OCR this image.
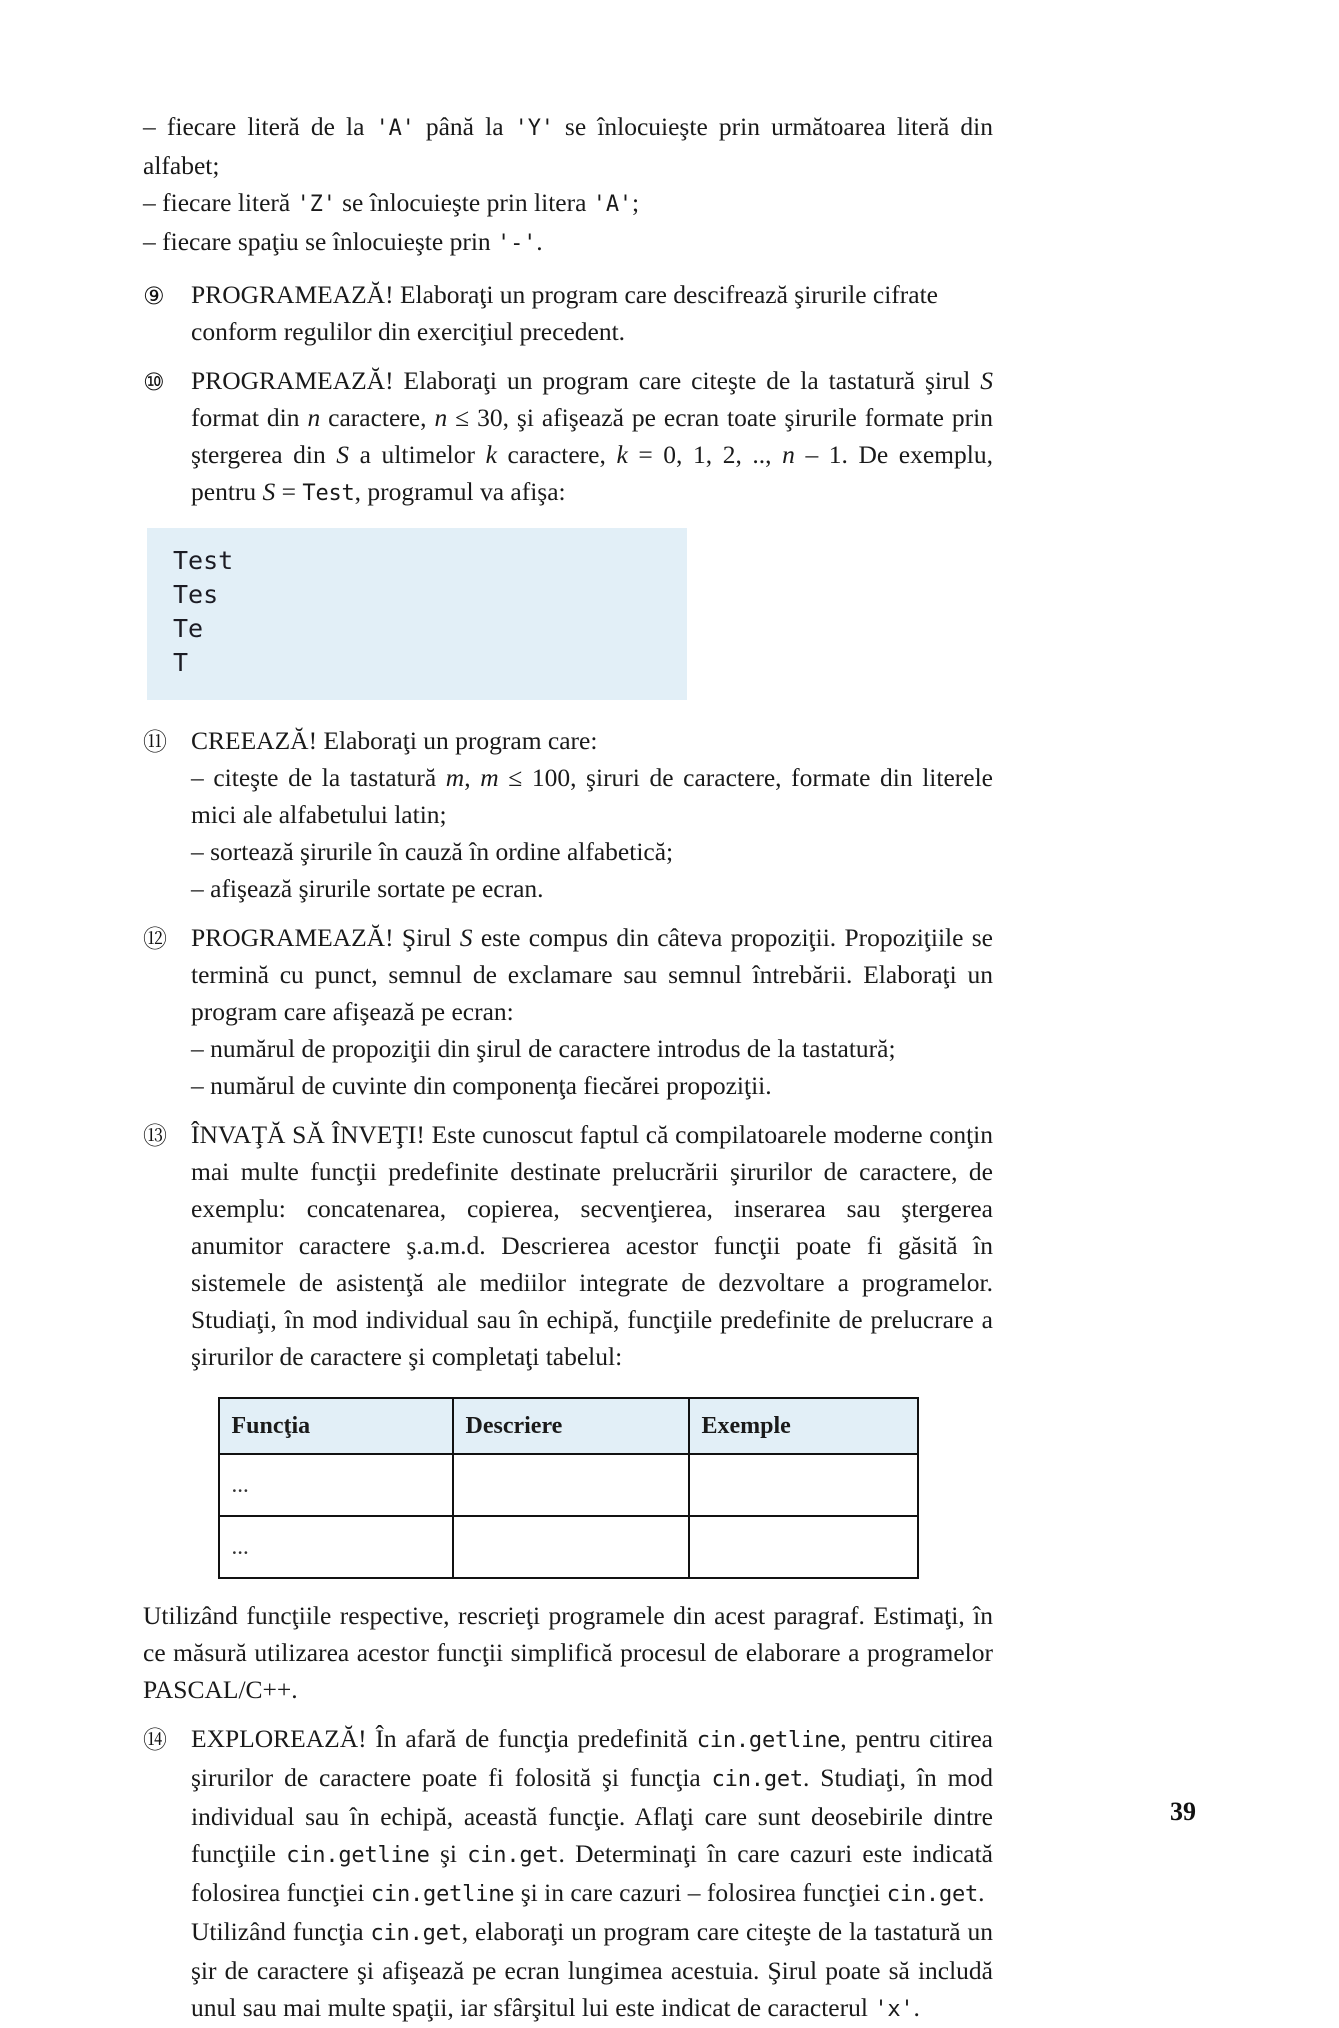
– fiecare literă de la 'A' până la 'Y' se înlocuieşte prin următoarea literă din alfabet;
– fiecare literă 'Z' se înlocuieşte prin litera 'A';
– fiecare spaţiu se înlocuieşte prin '-'.
⑨	PROGRAMEAZĂ! Elaboraţi un program care descifrează şirurile cifrate conform regulilor din exerciţiul precedent.
⑩	PROGRAMEAZĂ! Elaboraţi un program care citeşte de la tastatură şirul S format din n caractere, n ≤ 30, şi afişează pe ecran toate şirurile formate prin ştergerea din S a ultimelor k caractere, k = 0, 1, 2, .., n – 1. De exemplu, pentru S = Test, programul va afişa:
Test
Tes
Te
T
⑪ CREEAZĂ! Elaboraţi un program care:
– citeşte de la tastatură m, m ≤ 100, şiruri de caractere, formate din literele mici ale alfabetului latin;
– sortează şirurile în cauză în ordine alfabetică;
– afişează şirurile sortate pe ecran.
⑫ PROGRAMEAZĂ! Şirul S este compus din câteva propoziţii. Propoziţiile se termină cu punct, semnul de exclamare sau semnul întrebării. Elaboraţi un program care afişează pe ecran:
– numărul de propoziţii din şirul de caractere introdus de la tastatură;
– numărul de cuvinte din componenţa fiecărei propoziţii.
⑬ ÎNVAŢĂ SĂ ÎNVEŢI! Este cunoscut faptul că compilatoarele moderne conţin mai multe funcţii predefinite destinate prelucrării şirurilor de caractere, de exemplu: concatenarea, copierea, secvenţierea, inserarea sau ştergerea anumitor caractere ş.a.m.d. Descrierea acestor funcţii poate fi găsită în sistemele de asistenţă ale mediilor integrate de dezvoltare a programelor. Studiaţi, în mod individual sau în echipă, funcţiile predefinite de prelucrare a şirurilor de caractere şi completaţi tabelul:
Funcţia	Descriere	Exemple
...		
...		
Utilizând funcţiile respective, rescrieţi programele din acest paragraf. Estimaţi, în ce măsură utilizarea acestor funcţii simplifică procesul de elaborare a programelor PASCAL/C++.
⑭ EXPLOREAZĂ! În afară de funcţia predefinită cin.getline, pentru citirea şirurilor de caractere poate fi folosită şi funcţia cin.get. Studiaţi, în mod individual sau în echipă, această funcţie. Aflaţi care sunt deosebirile dintre funcţiile cin.getline şi cin.get. Determinaţi în care cazuri este indicată folosirea funcţiei cin.getline şi in care cazuri – folosirea funcţiei cin.get.
Utilizând funcţia cin.get, elaboraţi un program care citeşte de la tastatură un şir de caractere şi afişează pe ecran lungimea acestuia. Şirul poate să includă unul sau mai multe spaţii, iar sfârşitul lui este indicat de caracterul 'x'.
39
